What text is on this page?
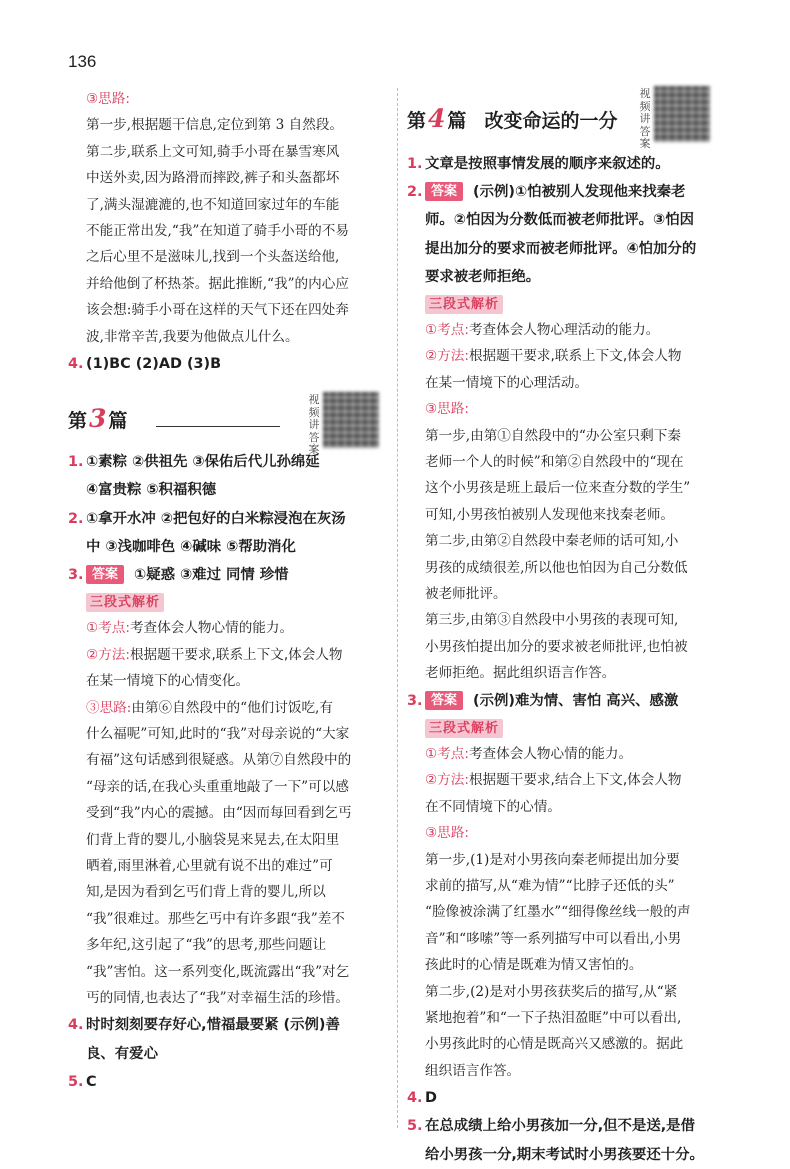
136

③思路:

第一步,根据题干信息,定位到第 3 自然段。

第二步,联系上文可知,骑手小哥在暴雪寒风

中送外卖,因为路滑而摔跤,裤子和头盔都坏

了,满头湿漉漉的,也不知道回家过年的车能

不能正常出发,“我”在知道了骑手小哥的不易

之后心里不是滋味儿,找到一个头盔送给他,

并给他倒了杯热茶。据此推断,“我”的内心应

该会想:骑手小哥在这样的天气下还在四处奔

波,非常辛苦,我要为他做点儿什么。

4. (1)BC (2)AD (3)B

第3 篇
视频讲答案

1. ①素粽 ②供祖先 ③保佑后代儿孙绵延

④富贵粽 ⑤积福积德

2. ①拿开水冲 ②把包好的白米粽浸泡在灰汤

中 ③浅咖啡色 ④碱味 ⑤帮助消化

3. 答案 ①疑惑 ③难过 同情 珍惜

三段式解析

①考点:考查体会人物心情的能力。

②方法:根据题干要求,联系上下文,体会人物

在某一情境下的心情变化。

③思路:由第⑥自然段中的“他们讨饭吃,有

什么福呢”可知,此时的“我”对母亲说的“大家

有福”这句话感到很疑惑。从第⑦自然段中的

“母亲的话,在我心头重重地敲了一下”可以感

受到“我”内心的震撼。由“因而每回看到乞丐

们背上背的婴儿,小脑袋晃来晃去,在太阳里

晒着,雨里淋着,心里就有说不出的难过”可

知,是因为看到乞丐们背上背的婴儿,所以

“我”很难过。那些乞丐中有许多跟“我”差不

多年纪,这引起了“我”的思考,那些问题让

“我”害怕。这一系列变化,既流露出“我”对乞

丐的同情,也表达了“我”对幸福生活的珍惜。

4. 时时刻刻要存好心,惜福最要紧 (示例)善

良、有爱心

5. C

第4 篇 改变命运的一分
视频讲答案

1. 文章是按照事情发展的顺序来叙述的。

2. 答案 (示例)①怕被别人发现他来找秦老

师。②怕因为分数低而被老师批评。③怕因

提出加分的要求而被老师批评。④怕加分的

要求被老师拒绝。

三段式解析

①考点:考查体会人物心理活动的能力。

②方法:根据题干要求,联系上下文,体会人物

在某一情境下的心理活动。

③思路:

第一步,由第①自然段中的“办公室只剩下秦

老师一个人的时候”和第②自然段中的“现在

这个小男孩是班上最后一位来查分数的学生”

可知,小男孩怕被别人发现他来找秦老师。

第二步,由第②自然段中秦老师的话可知,小

男孩的成绩很差,所以他也怕因为自己分数低

被老师批评。

第三步,由第③自然段中小男孩的表现可知,

小男孩怕提出加分的要求被老师批评,也怕被

老师拒绝。据此组织语言作答。

3. 答案 (示例)难为情、害怕 高兴、感激

三段式解析

①考点:考查体会人物心情的能力。

②方法:根据题干要求,结合上下文,体会人物

在不同情境下的心情。

③思路:

第一步,(1)是对小男孩向秦老师提出加分要

求前的描写,从“难为情”“比脖子还低的头”

“脸像被涂满了红墨水”“细得像丝线一般的声

音”和“哆嗦”等一系列描写中可以看出,小男

孩此时的心情是既难为情又害怕的。

第二步,(2)是对小男孩获奖后的描写,从“紧

紧地抱着”和“一下子热泪盈眶”中可以看出,

小男孩此时的心情是既高兴又感激的。据此

组织语言作答。

4. D

5. 在总成绩上给小男孩加一分,但不是送,是借

给小男孩一分,期末考试时小男孩要还十分。
